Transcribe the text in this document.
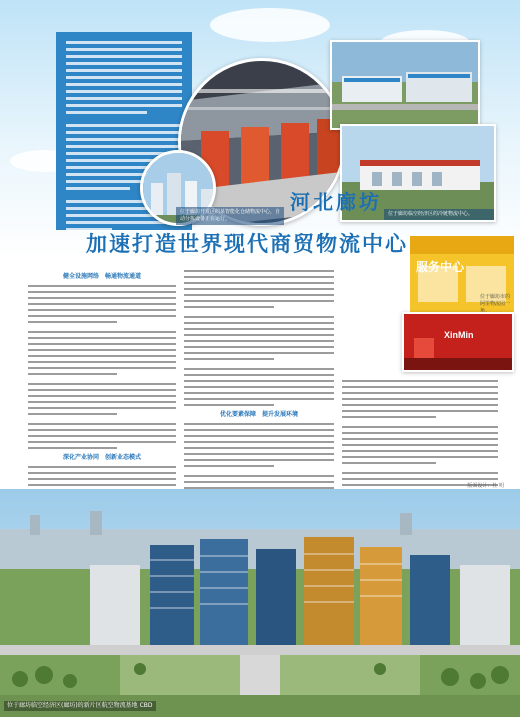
位于廊坊临空经济区的冷链物流中心。
位于廊坊开发区的某智能化仓储物流中心，自动分拣设备正在运行。
河北廊坊
加速打造世界现代商贸物流中心
服务中心
位于廊坊市的阿里物流园一角。
XinMin
健全设施网络　畅通物流通道
深化产业协同　创新业态模式
优化要素保障　提升发展环境
版面设计：杜 明
位于廊坊临空经济区(廊坊)的新片区航空物流基地 CBD
